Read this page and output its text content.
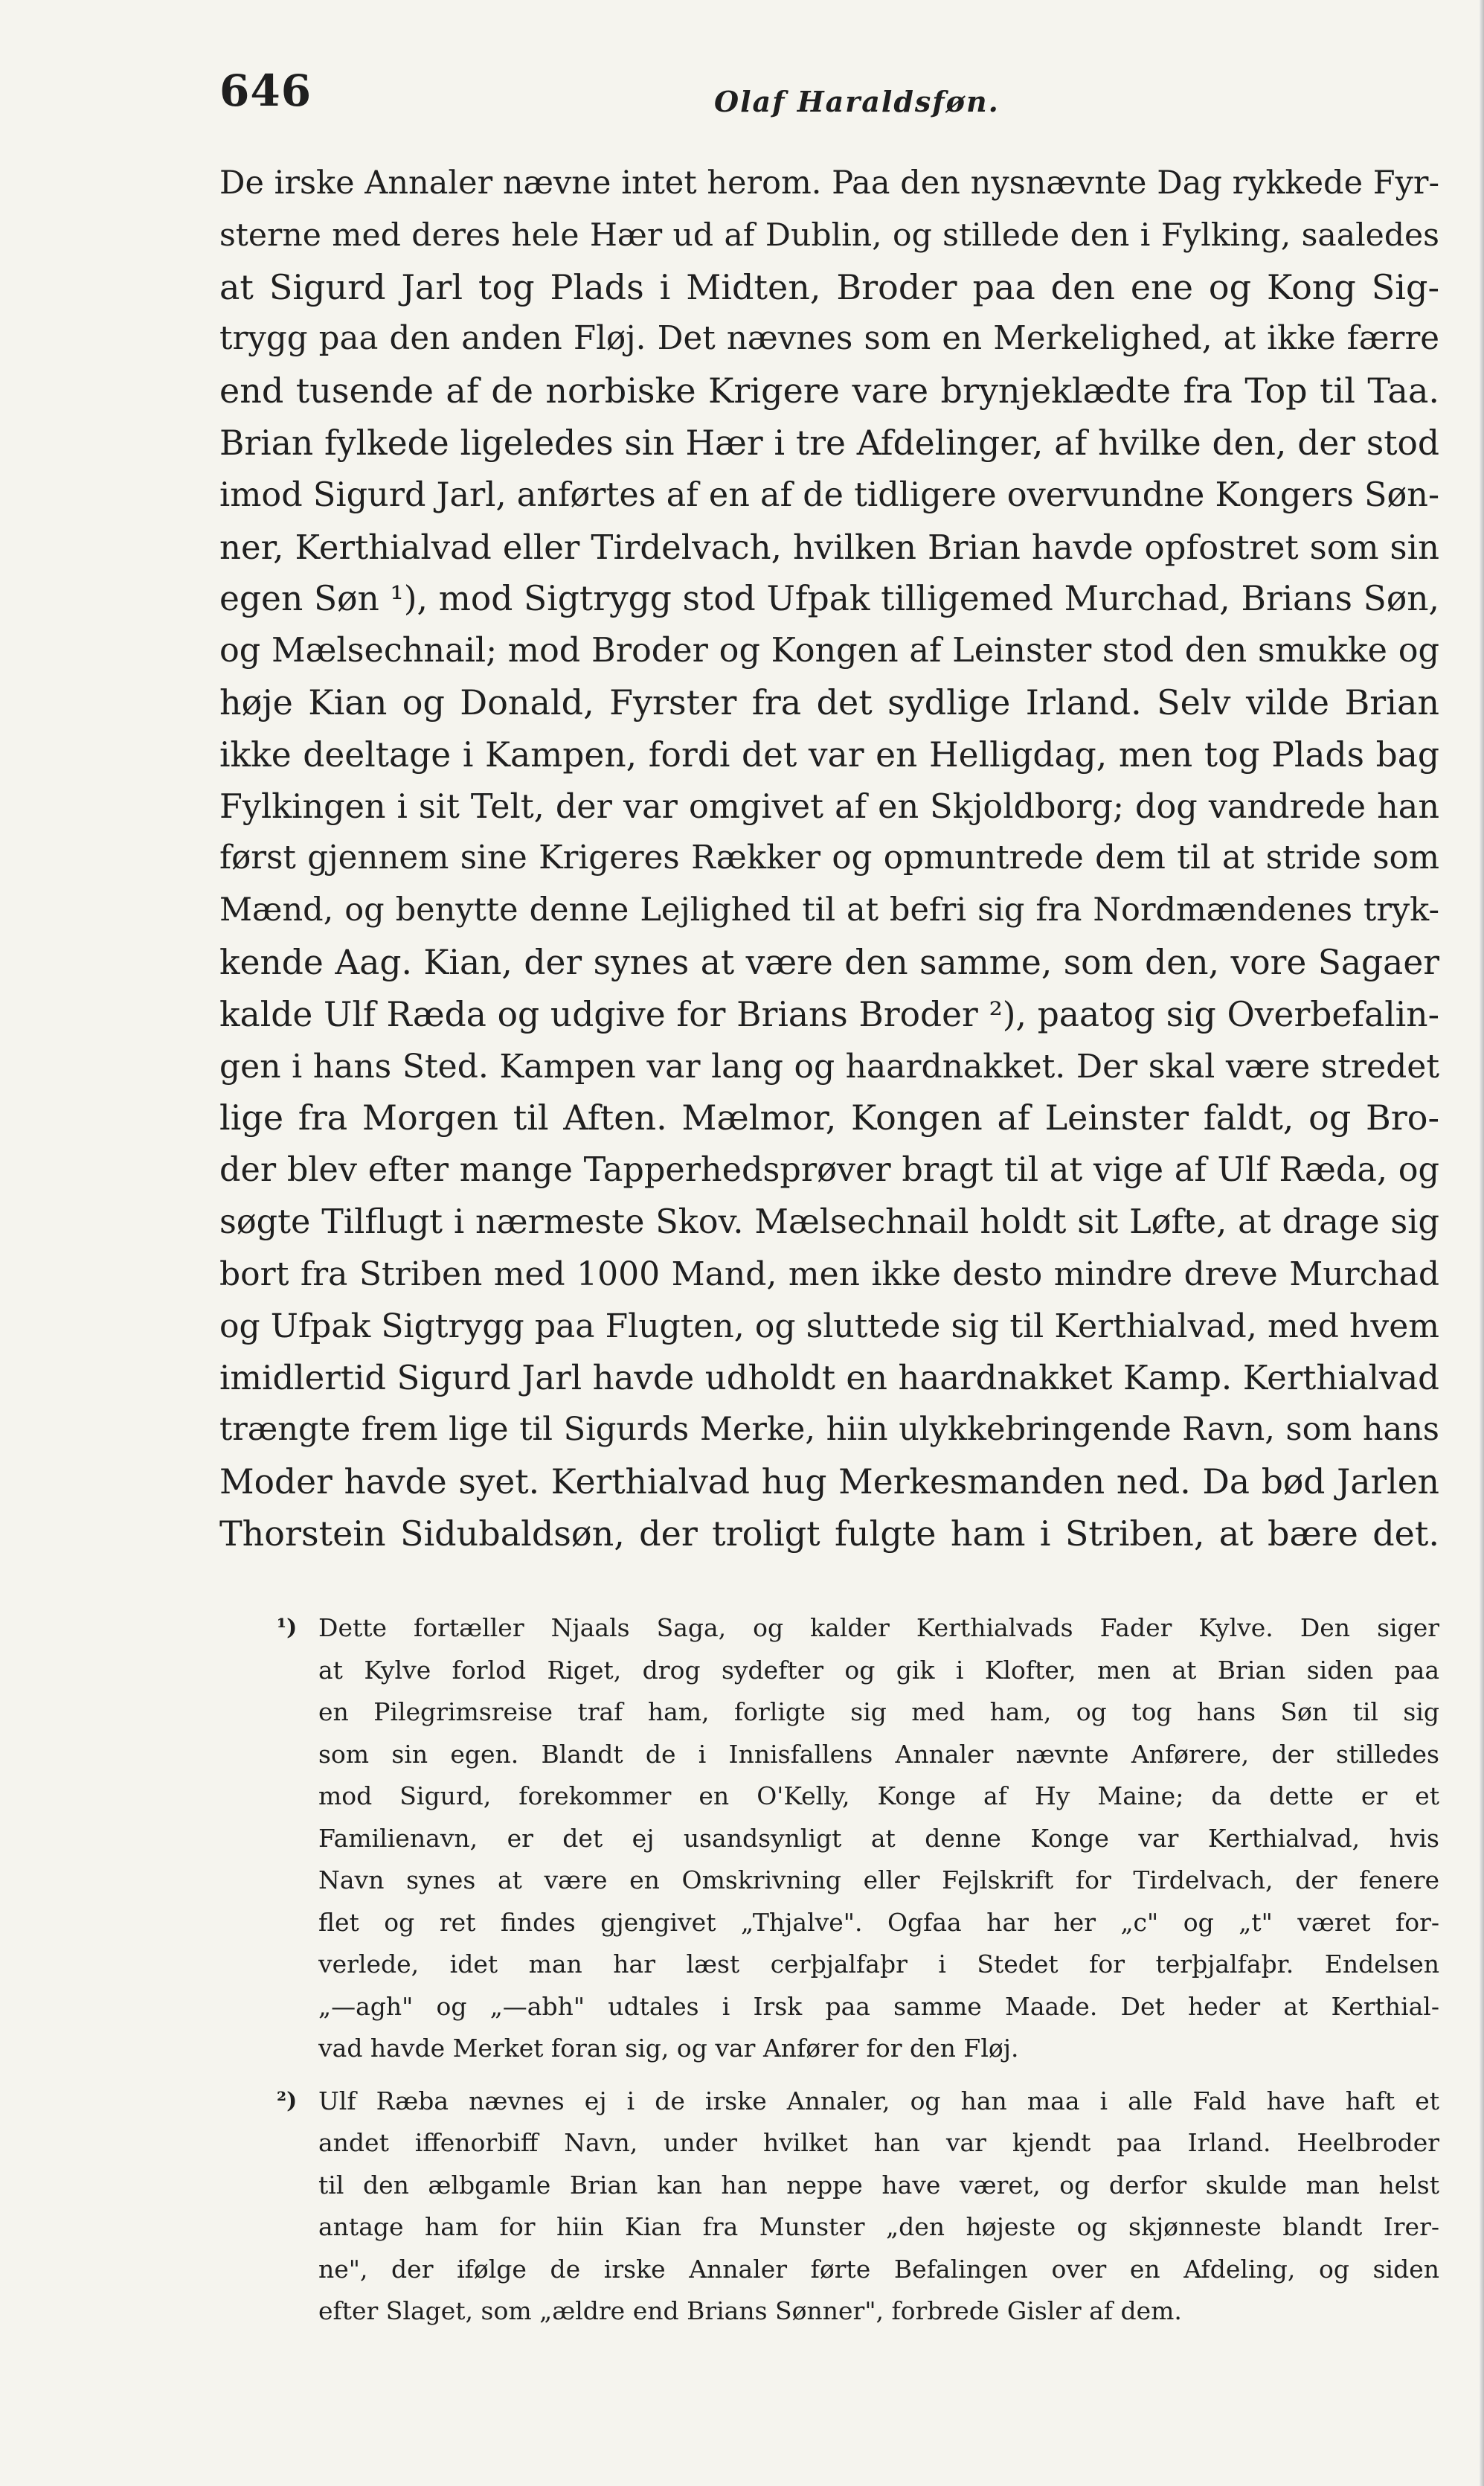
646	Olaf Haraldsføn.
De irske Annaler nævne intet herom. Paa den nysnævnte Dag rykkede Fyr-
sterne med deres hele Hær ud af Dublin, og stillede den i Fylking, saaledes
at Sigurd Jarl tog Plads i Midten, Broder paa den ene og Kong Sig-
trygg paa den anden Fløj. Det nævnes som en Merkelighed, at ikke færre
end tusende af de norbiske Krigere vare brynjeklædte fra Top til Taa.
Brian fylkede ligeledes sin Hær i tre Afdelinger, af hvilke den, der stod
imod Sigurd Jarl, anførtes af en af de tidligere overvundne Kongers Søn-
ner, Kerthialvad eller Tirdelvach, hvilken Brian havde opfostret som sin
egen Søn ¹), mod Sigtrygg stod Ufpak tilligemed Murchad, Brians Søn,
og Mælsechnail; mod Broder og Kongen af Leinster stod den smukke og
høje Kian og Donald, Fyrster fra det sydlige Irland. Selv vilde Brian
ikke deeltage i Kampen, fordi det var en Helligdag, men tog Plads bag
Fylkingen i sit Telt, der var omgivet af en Skjoldborg; dog vandrede han
først gjennem sine Krigeres Rækker og opmuntrede dem til at stride som
Mænd, og benytte denne Lejlighed til at befri sig fra Nordmændenes tryk-
kende Aag. Kian, der synes at være den samme, som den, vore Sagaer
kalde Ulf Ræda og udgive for Brians Broder ²), paatog sig Overbefalin-
gen i hans Sted. Kampen var lang og haardnakket. Der skal være stredet
lige fra Morgen til Aften. Mælmor, Kongen af Leinster faldt, og Bro-
der blev efter mange Tapperhedsprøver bragt til at vige af Ulf Ræda, og
søgte Tilflugt i nærmeste Skov. Mælsechnail holdt sit Løfte, at drage sig
bort fra Striben med 1000 Mand, men ikke desto mindre dreve Murchad
og Ufpak Sigtrygg paa Flugten, og sluttede sig til Kerthialvad, med hvem
imidlertid Sigurd Jarl havde udholdt en haardnakket Kamp. Kerthialvad
trængte frem lige til Sigurds Merke, hiin ulykkebringende Ravn, som hans
Moder havde syet. Kerthialvad hug Merkesmanden ned. Da bød Jarlen
Thorstein Sidubaldsøn, der troligt fulgte ham i Striben, at bære det.
¹) Dette fortæller Njaals Saga, og kalder Kerthialvads Fader Kylve. Den siger
at Kylve forlod Riget, drog sydefter og gik i Klofter, men at Brian siden paa
en Pilegrimsreise traf ham, forligte sig med ham, og tog hans Søn til sig
som sin egen. Blandt de i Innisfallens Annaler nævnte Anførere, der stilledes
mod Sigurd, forekommer en O'Kelly, Konge af Hy Maine; da dette er et
Familienavn, er det ej usandsynligt at denne Konge var Kerthialvad, hvis
Navn synes at være en Omskrivning eller Fejlskrift for Tirdelvach, der fenere
flet og ret findes gjengivet „Thjalve". Ogfaa har her „c" og „t" været for-
verlede, idet man har læst cerþjalfaþr i Stedet for terþjalfaþr. Endelsen
„—agh" og „—abh" udtales i Irsk paa samme Maade. Det heder at Kerthial-
vad havde Merket foran sig, og var Anfører for den Fløj.
²) Ulf Ræba nævnes ej i de irske Annaler, og han maa i alle Fald have haft et
andet iffenorbiff Navn, under hvilket han var kjendt paa Irland. Heelbroder
til den ælbgamle Brian kan han neppe have været, og derfor skulde man helst
antage ham for hiin Kian fra Munster „den højeste og skjønneste blandt Irer-
ne", der ifølge de irske Annaler førte Befalingen over en Afdeling, og siden
efter Slaget, som „ældre end Brians Sønner", forbrede Gisler af dem.
